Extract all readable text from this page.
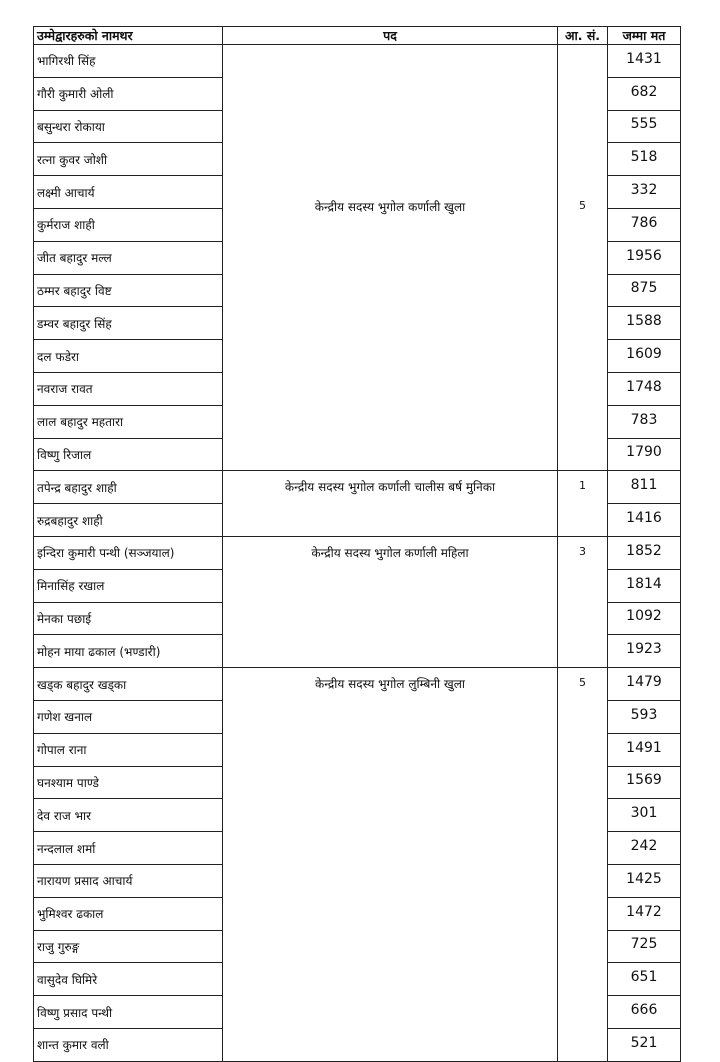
उम्मेद्वारहरुको नामथर	पद	आ. सं.	जम्मा मत
भागिरथी सिंह	केन्द्रीय सदस्य भुगोल कर्णाली खुला	5	1431
गौरी कुमारी ओली			682
बसुन्धरा रोकाया			555
रत्ना कुवर जोशी			518
लक्ष्मी आचार्य			332
कुर्मराज शाही			786
जीत बहादुर मल्ल			1956
ठम्मर बहादुर विष्ट			875
डम्वर बहादुर सिंह			1588
दल फडेरा			1609
नवराज रावत			1748
लाल बहादुर महतारा			783
विष्णु रिजाल			1790
तपेन्द्र बहादुर शाही	केन्द्रीय सदस्य भुगोल कर्णाली चालीस बर्ष मुनिका	1	811
रुद्रबहादुर शाही			1416
इन्दिरा कुमारी पन्थी (सञ्जयाल)	केन्द्रीय सदस्य भुगोल कर्णाली महिला	3	1852
मिनासिंह रखाल			1814
मेनका पछाई			1092
मोहन माया ढकाल (भण्डारी)			1923
खड्क बहादुर खड्का	केन्द्रीय सदस्य भुगोल लुम्बिनी खुला	5	1479
गणेश खनाल			593
गोपाल राना			1491
घनश्याम पाण्डे			1569
देव राज भार			301
नन्दलाल शर्मा			242
नारायण प्रसाद आचार्य			1425
भुमिश्वर ढकाल			1472
राजु गुरुङ्ग			725
वासुदेव घिमिरे			651
विष्णु प्रसाद पन्थी			666
शान्त कुमार वली			521
